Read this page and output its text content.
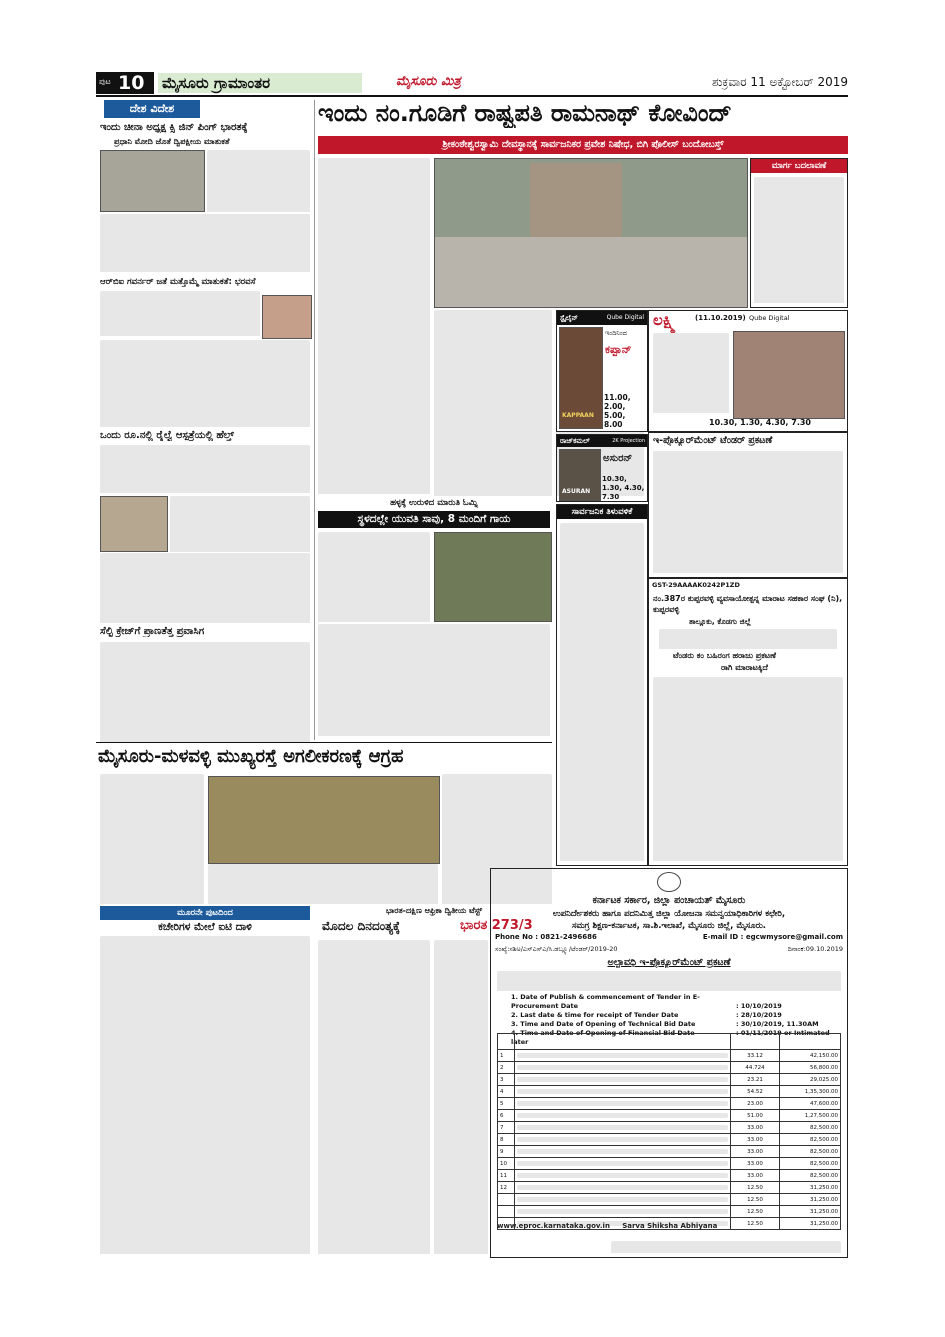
ಪುಟ 10 ಮೈಸೂರು ಗ್ರಾಮಾಂತರ	ಮೈಸೂರು ಮಿತ್ರ	ಶುಕ್ರವಾರ 11 ಅಕ್ಟೋಬರ್ 2019
ದೇಶ ವಿದೇಶ
ಇಂದು ಚೀನಾ ಅಧ್ಯಕ್ಷ ಕ್ಸಿ ಜಿನ್ ಪಿಂಗ್ ಭಾರತಕ್ಕೆ
ಪ್ರಧಾನಿ ಮೋದಿ ಜೊತೆ ದ್ವಿಪಕ್ಷೀಯ ಮಾತುಕತೆ
ಆರ್‌ಬಿಐ ಗವರ್ನರ್ ಜತೆ ಮತ್ತೊಮ್ಮೆ ಮಾತುಕತೆ: ಭರವಸೆ
ಒಂದು ರೂ.ನಲ್ಲಿ ರೈಲ್ವೆ ಆಸ್ಪತ್ರೆಯಲ್ಲಿ ಹೆಲ್ತ್
ಸೆಲ್ಫಿ ಕ್ರೇಜ್‌ಗೆ ಪ್ರಾಣತೆತ್ತ ಪ್ರವಾಸಿಗ
ಇಂದು ನಂ.ಗೂಡಿಗೆ ರಾಷ್ಟ್ರಪತಿ ರಾಮನಾಥ್ ಕೋವಿಂದ್
ಶ್ರೀಕಂಠೇಶ್ವರಸ್ವಾಮಿ ದೇವಸ್ಥಾನಕ್ಕೆ ಸಾರ್ವಜನಿಕರ ಪ್ರವೇಶ ನಿಷೇಧ, ಬಿಗಿ ಪೊಲೀಸ್ ಬಂದೋಬಸ್ತ್
ಮಾರ್ಗ ಬದಲಾವಣೆ
ಸ್ಟೈಲೈನ್	Qube Digital
KAPPAAN
ಇಂದಿನಿಂದ
ಕಪ್ಪಾನ್
11.00, 2.00, 5.00, 8.00
ರಾಜ್‌ಕಮಲ್	2K Projection
ASURAN
ಅಸುರನ್
10.30, 1.30, 4.30, 7.30
ಲಕ್ಷ್ಮಿ	(11.10.2019) Qube Digital
10.30, 1.30, 4.30, 7.30
ಇ-ಪ್ರೊಕ್ಯೂರ್‌ಮೆಂಟ್ ಟೆಂಡರ್ ಪ್ರಕಟಣೆ
ಹಳ್ಳಕ್ಕೆ ಉರುಳಿದ ಮಾರುತಿ ಓಮ್ನಿ
ಸ್ಥಳದಲ್ಲೇ ಯುವತಿ ಸಾವು, 8 ಮಂದಿಗೆ ಗಾಯ
ಸಾರ್ವಜನಿಕ ತಿಳುವಳಿಕೆ
GST-29AAAAK0242P1ZD
ನಂ.387ರ ಕುಪ್ಪರವಳ್ಳಿ ವ್ಯವಸಾಯೋತ್ಪನ್ನ ಮಾರಾಟ ಸಹಕಾರ ಸಂಘ (ನಿ), ಕುಪ್ಪರವಳ್ಳಿ
ತಾಲ್ಲೂಕು, ಕೊಡಗು ಜಿಲ್ಲೆ
ಟೆಂಡರು ಕಂ ಬಹಿರಂಗ ಹರಾಜು ಪ್ರಕಟಣೆ
ರಾಗಿ ಮಾರಾಟಕ್ಕಿದೆ
ಮೈಸೂರು-ಮಳವಳ್ಳಿ ಮುಖ್ಯರಸ್ತೆ ಅಗಲೀಕರಣಕ್ಕೆ ಆಗ್ರಹ
ಮೂರನೇ ಪುಟದಿಂದ
ಕಚೇರಿಗಳ ಮೇಲೆ ಐಟಿ ದಾಳಿ
ಭಾರತ-ದಕ್ಷಿಣ ಆಫ್ರಿಕಾ ದ್ವಿತೀಯ ಟೆಸ್ಟ್
ಮೊದಲ ದಿನದಂತ್ಯಕ್ಕೆ	ಭಾರತ 273/3
ಕರ್ನಾಟಕ ಸರ್ಕಾರ, ಜಿಲ್ಲಾ ಪಂಚಾಯತ್ ಮೈಸೂರು
ಉಪನಿರ್ದೇಶಕರು ಹಾಗೂ ಪದನಿಮಿತ್ತ ಜಿಲ್ಲಾ ಯೋಜನಾ ಸಮನ್ವಯಾಧಿಕಾರಿಗಳ ಕಛೇರಿ,
ಸಮಗ್ರ ಶಿಕ್ಷಣ-ಕರ್ನಾಟಕ, ಸಾ.ಶಿ.ಇಲಾಖೆ, ಮೈಸೂರು ಜಿಲ್ಲೆ, ಮೈಸೂರು.
Phone No : 0821-2496686	E-mail ID : egcwmysore@gmail.com
ಸಂಖ್ಯೆ:ಸಶಿಅ/ಎಸ್‌ಎಸ್‌ಎ/ಸಿ.ಡಬ್ಲ್ಯೂ/ಟೆಂಡರ್/2019-20	ದಿನಾಂಕ:09.10.2019
ಅಲ್ಪಾವಧಿ ಇ-ಪ್ರೊಕ್ಯೂರ್‌ಮೆಂಟ್ ಪ್ರಕಟಣೆ
1. Date of Publish & commencement of Tender in E-Procurement Date	: 10/10/2019
2. Last date & time for receipt of Tender Date	: 28/10/2019
3. Time and Date of Opening of Technical Bid Date	: 30/10/2019, 11.30AM
4. Time and Date of Opening of Financial Bid Date	: 01/11/2019 or Intimated later

1		33.12	42,150.00
2		44.724	56,800.00
3		23.21	29,025.00
4		54.52	1,35,300.00
5		23.00	47,600.00
6		51.00	1,27,500.00
7		33.00	82,500.00
8		33.00	82,500.00
9		33.00	82,500.00
10		33.00	82,500.00
11		33.00	82,500.00
12		12.50	31,250.00

	12.50	31,250.00

	12.50	31,250.00

	12.50	31,250.00
www.eproc.karnataka.gov.in Sarva Shiksha Abhiyana
